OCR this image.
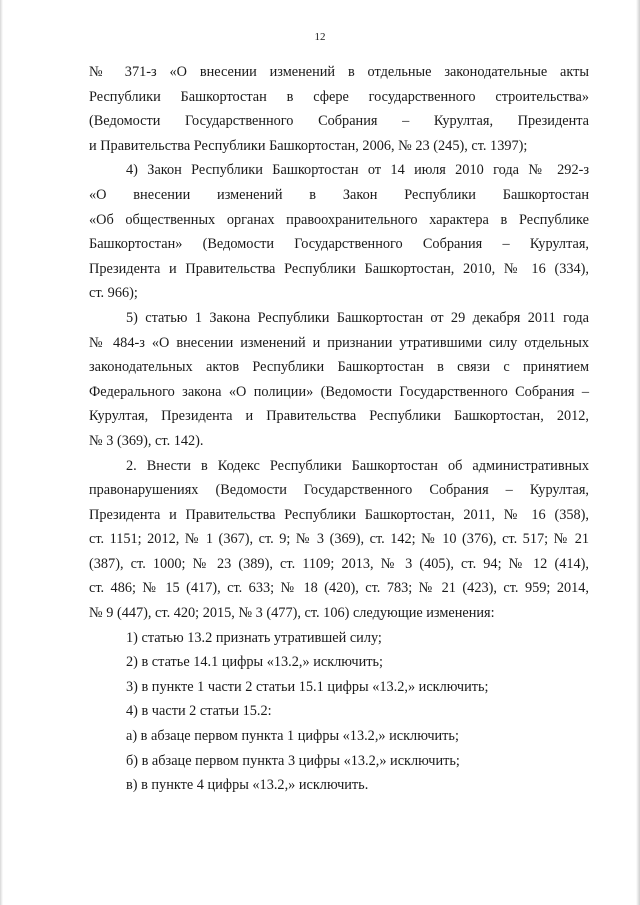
12

№ 371-з «О внесении изменений в отдельные законодательные акты

Республики Башкортостан в сфере государственного строительства»

(Ведомости Государственного Собрания – Курултая, Президента

и Правительства Республики Башкортостан, 2006, № 23 (245), ст. 1397);

4) Закон Республики Башкортостан от 14 июля 2010 года № 292-з

«О внесении изменений в Закон Республики Башкортостан

«Об общественных органах правоохранительного характера в Республике

Башкортостан» (Ведомости Государственного Собрания – Курултая,

Президента и Правительства Республики Башкортостан, 2010, № 16 (334),

ст. 966);

5) статью 1 Закона Республики Башкортостан от 29 декабря 2011 года

№ 484-з «О внесении изменений и признании утратившими силу отдельных

законодательных актов Республики Башкортостан в связи с принятием

Федерального закона «О полиции» (Ведомости Государственного Собрания –

Курултая, Президента и Правительства Республики Башкортостан, 2012,

№ 3 (369), ст. 142).

2. Внести в Кодекс Республики Башкортостан об административных

правонарушениях (Ведомости Государственного Собрания – Курултая,

Президента и Правительства Республики Башкортостан, 2011, № 16 (358),

ст. 1151; 2012, № 1 (367), ст. 9; № 3 (369), ст. 142; № 10 (376), ст. 517; № 21

(387), ст. 1000; № 23 (389), ст. 1109; 2013, № 3 (405), ст. 94; № 12 (414),

ст. 486; № 15 (417), ст. 633; № 18 (420), ст. 783; № 21 (423), ст. 959; 2014,

№ 9 (447), ст. 420; 2015, № 3 (477), ст. 106) следующие изменения:

1) статью 13.2 признать утратившей силу;

2) в статье 14.1 цифры «13.2,» исключить;

3) в пункте 1 части 2 статьи 15.1 цифры «13.2,» исключить;

4) в части 2 статьи 15.2:

а) в абзаце первом пункта 1 цифры «13.2,» исключить;

б) в абзаце первом пункта 3 цифры «13.2,» исключить;

в) в пункте 4 цифры «13.2,» исключить.
